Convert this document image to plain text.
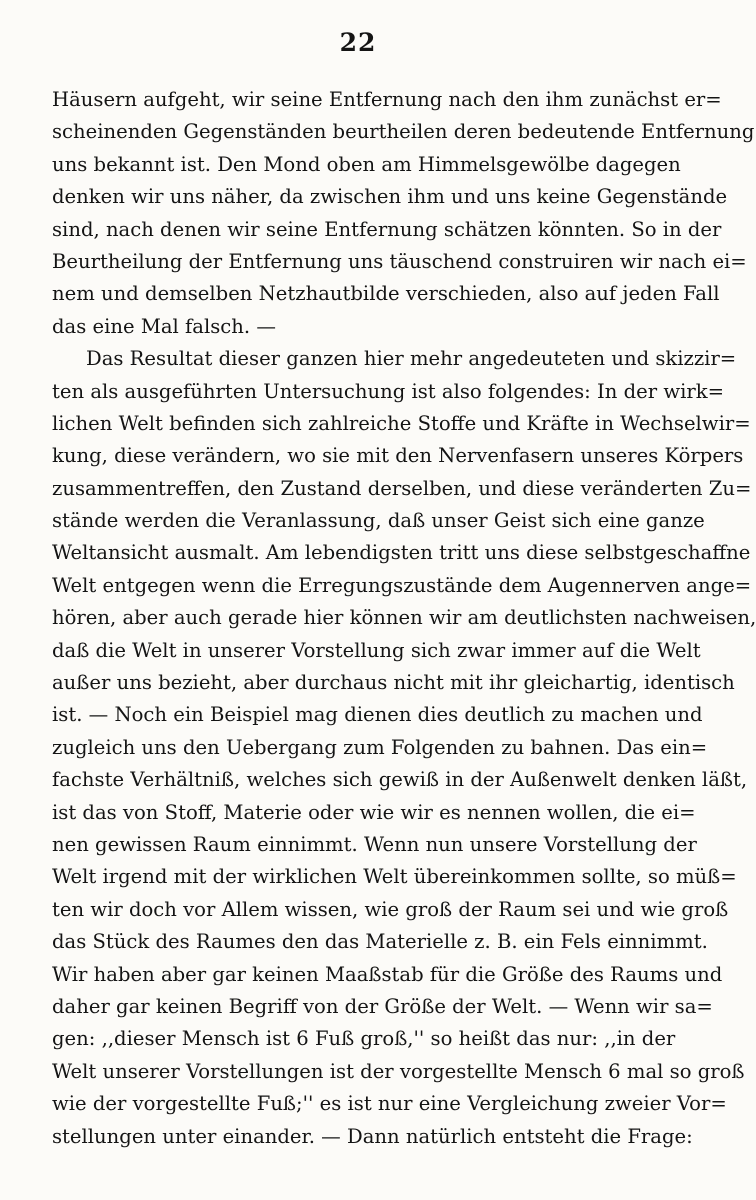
22
Häusern aufgeht, wir seine Entfernung nach den ihm zunächst er=
scheinenden Gegenständen beurtheilen deren bedeutende Entfernung
uns bekannt ist. Den Mond oben am Himmelsgewölbe dagegen
denken wir uns näher, da zwischen ihm und uns keine Gegenstände
sind, nach denen wir seine Entfernung schätzen könnten. So in der
Beurtheilung der Entfernung uns täuschend construiren wir nach ei=
nem und demselben Netzhautbilde verschieden, also auf jeden Fall
das eine Mal falsch. —
Das Resultat dieser ganzen hier mehr angedeuteten und skizzir=
ten als ausgeführten Untersuchung ist also folgendes: In der wirk=
lichen Welt befinden sich zahlreiche Stoffe und Kräfte in Wechselwir=
kung, diese verändern, wo sie mit den Nervenfasern unseres Körpers
zusammentreffen, den Zustand derselben, und diese veränderten Zu=
stände werden die Veranlassung, daß unser Geist sich eine ganze
Weltansicht ausmalt. Am lebendigsten tritt uns diese selbstgeschaffne
Welt entgegen wenn die Erregungszustände dem Augennerven ange=
hören, aber auch gerade hier können wir am deutlichsten nachweisen,
daß die Welt in unserer Vorstellung sich zwar immer auf die Welt
außer uns bezieht, aber durchaus nicht mit ihr gleichartig, identisch
ist. — Noch ein Beispiel mag dienen dies deutlich zu machen und
zugleich uns den Uebergang zum Folgenden zu bahnen. Das ein=
fachste Verhältniß, welches sich gewiß in der Außenwelt denken läßt,
ist das von Stoff, Materie oder wie wir es nennen wollen, die ei=
nen gewissen Raum einnimmt. Wenn nun unsere Vorstellung der
Welt irgend mit der wirklichen Welt übereinkommen sollte, so müß=
ten wir doch vor Allem wissen, wie groß der Raum sei und wie groß
das Stück des Raumes den das Materielle z. B. ein Fels einnimmt.
Wir haben aber gar keinen Maaßstab für die Größe des Raums und
daher gar keinen Begriff von der Größe der Welt. — Wenn wir sa=
gen: ,,dieser Mensch ist 6 Fuß groß,'' so heißt das nur: ,,in der
Welt unserer Vorstellungen ist der vorgestellte Mensch 6 mal so groß
wie der vorgestellte Fuß;'' es ist nur eine Vergleichung zweier Vor=
stellungen unter einander. — Dann natürlich entsteht die Frage:
